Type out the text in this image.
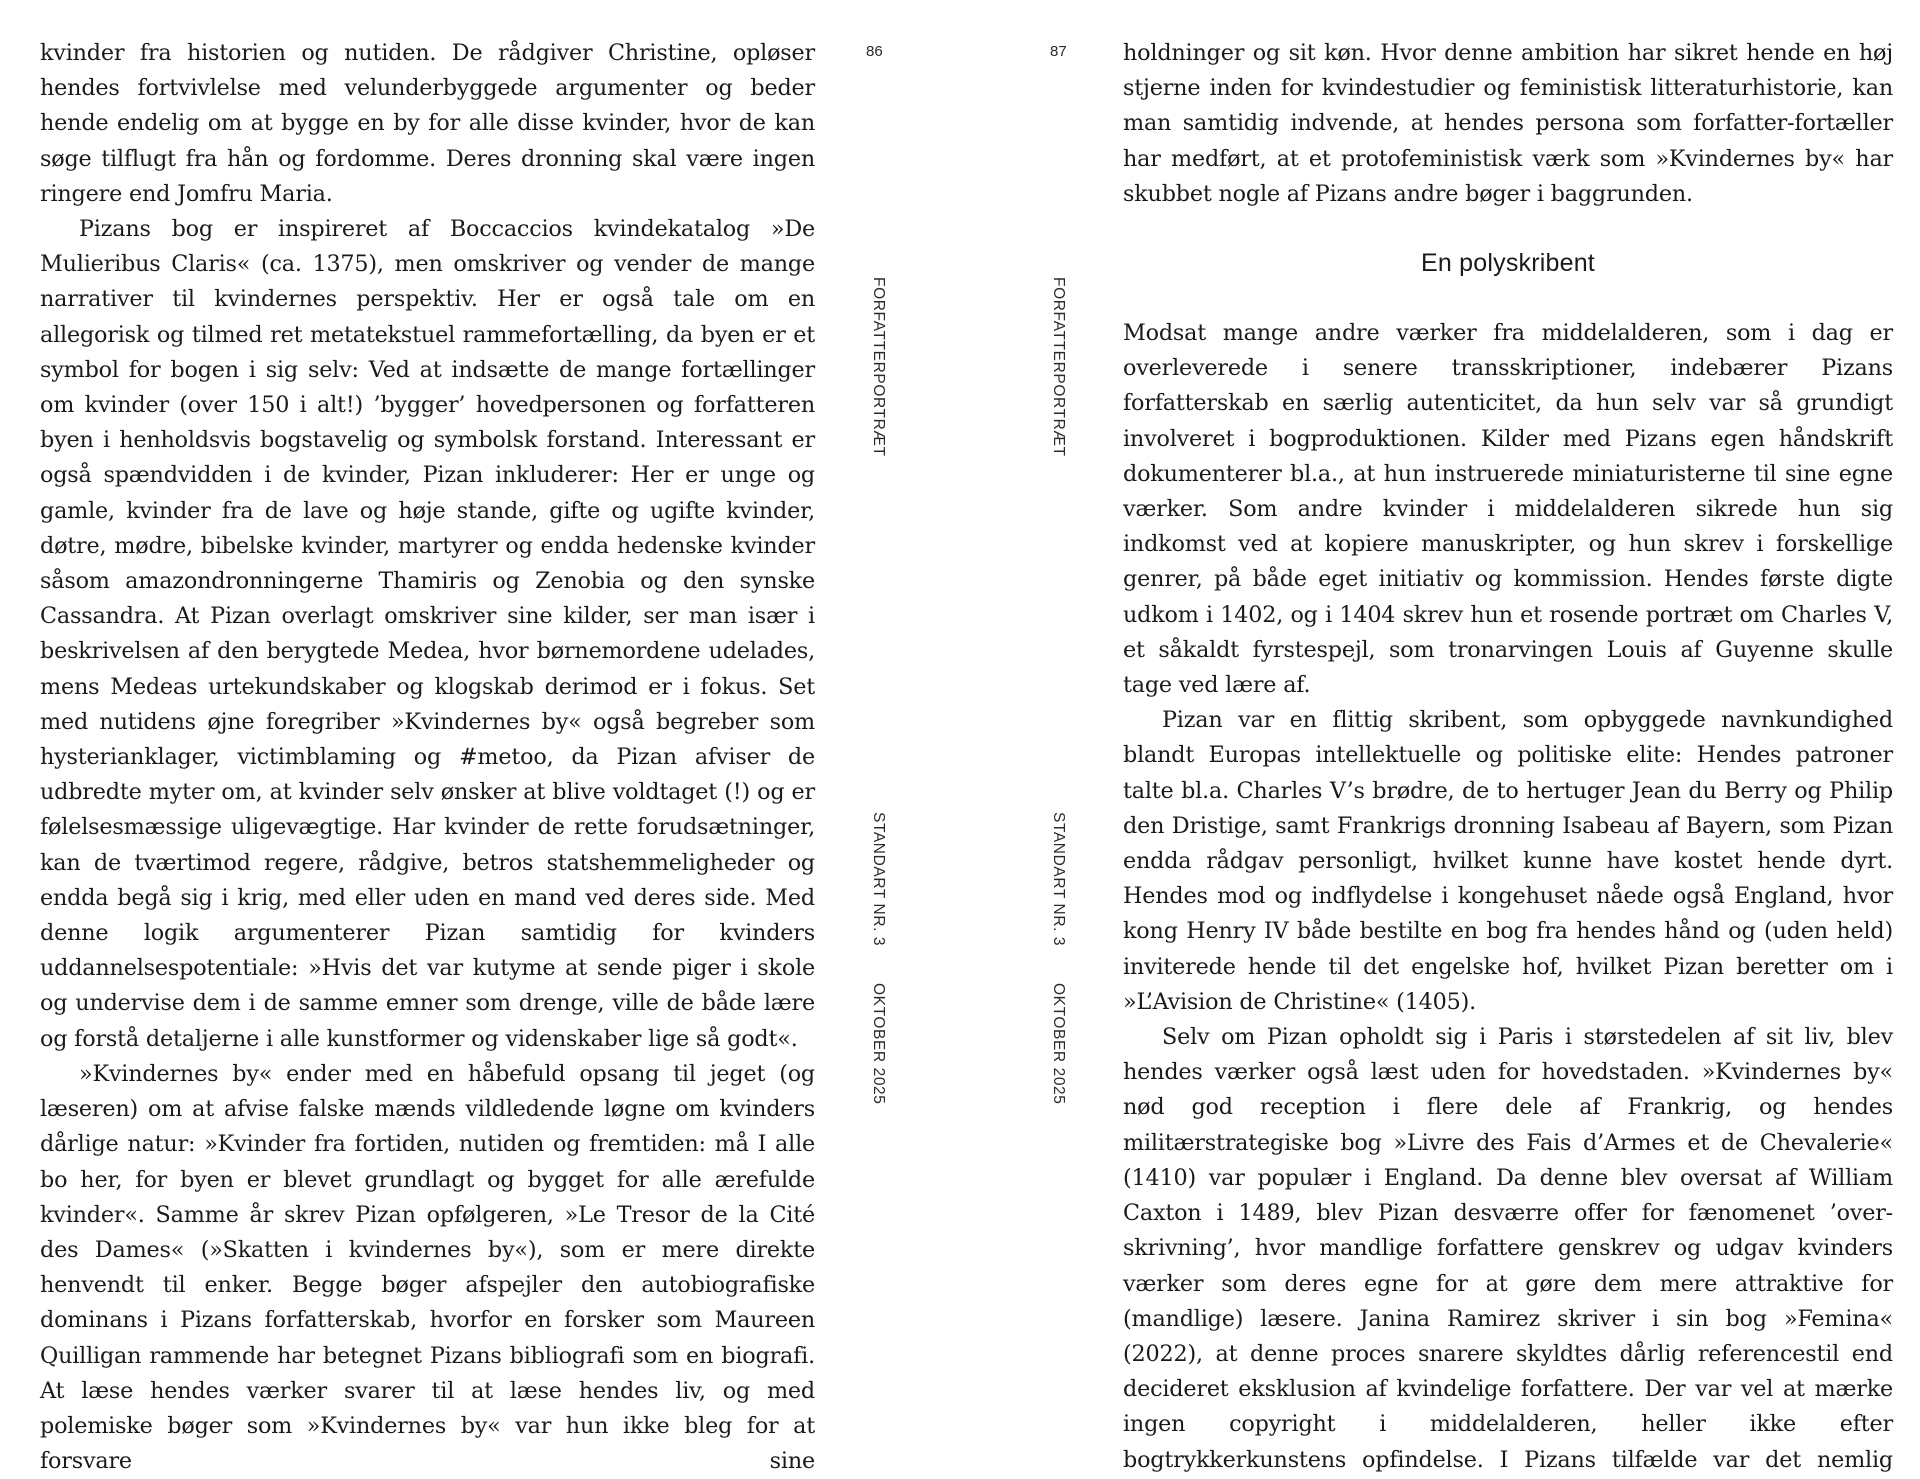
kvinder fra historien og nutiden. De rådgiver Christine, opløser hendes fortvivlelse med velunderbyggede argumenter og beder hende endelig om at bygge en by for alle disse kvinder, hvor de kan søge tilflugt fra hån og fordomme. Deres dronning skal være ingen ringere end Jomfru Maria.

Pizans bog er inspireret af Boccaccios kvindekatalog »De Mulieribus Claris« (ca. 1375), men omskriver og vender de mange narrativer til kvindernes perspektiv. Her er også tale om en allegorisk og tilmed ret metatekstuel rammefortælling, da byen er et symbol for bogen i sig selv: Ved at indsætte de mange fortællinger om kvinder (over 150 i alt!) ’bygger’ hovedpersonen og forfatteren byen i henholdsvis bogstavelig og symbolsk forstand. Interessant er også spændvidden i de kvinder, Pizan inkluderer: Her er unge og gamle, kvinder fra de lave og høje stande, gifte og ugifte kvinder, døtre, mødre, bibelske kvinder, martyrer og endda hedenske kvinder såsom amazondronningerne Thamiris og Zenobia og den synske Cassandra. At Pizan overlagt omskriver sine kilder, ser man især i beskrivelsen af den berygtede Medea, hvor børnemordene udelades, mens Medeas urtekundskaber og klogskab derimod er i fokus. Set med nutidens øjne foregriber »Kvindernes by« også begreber som hysterianklager, victimblaming og #metoo, da Pizan afviser de udbredte myter om, at kvinder selv ønsker at blive voldtaget (!) og er følelsesmæssige uligevægtige. Har kvinder de rette forudsætninger, kan de tværtimod regere, rådgive, betros statshemmeligheder og endda begå sig i krig, med eller uden en mand ved deres side. Med denne logik argumenterer Pizan samtidig for kvinders uddannelsespotentiale: »Hvis det var kutyme at sende piger i skole og undervise dem i de samme emner som drenge, ville de både lære og forstå detaljerne i alle kunstformer og videnskaber lige så godt«.

»Kvindernes by« ender med en håbefuld opsang til jeget (og læseren) om at afvise falske mænds vildledende løgne om kvinders dårlige natur: »Kvinder fra fortiden, nutiden og fremtiden: må I alle bo her, for byen er blevet grundlagt og bygget for alle ærefulde kvinder«. Samme år skrev Pizan opfølgeren, »Le Tresor de la Cité des Dames« (»Skatten i kvindernes by«), som er mere direkte henvendt til enker. Begge bøger afspejler den autobiografiske dominans i Pizans forfatterskab, hvorfor en forsker som Maureen Quilligan rammende har betegnet Pizans bibliografi som en biografi. At læse hendes værker svarer til at læse hendes liv, og med polemiske bøger som »Kvindernes by« var hun ikke bleg for at forsvare sine

86
FORFATTERPORTRÆT
STANDART NR. 3
OKTOBER 2025
87
FORFATTERPORTRÆT
STANDART NR. 3
OKTOBER 2025

holdninger og sit køn. Hvor denne ambition har sikret hende en høj stjerne inden for kvindestudier og feministisk litteraturhistorie, kan man samtidig indvende, at hendes persona som forfatter-fortæller har medført, at et protofeministisk værk som »Kvindernes by« har skubbet nogle af Pizans andre bøger i baggrunden.

En polyskribent

Modsat mange andre værker fra middelalderen, som i dag er overleverede i senere transskriptioner, indebærer Pizans forfatterskab en særlig autenticitet, da hun selv var så grundigt involveret i bogproduktionen. Kilder med Pizans egen håndskrift dokumenterer bl.a., at hun instruerede miniaturisterne til sine egne værker. Som andre kvinder i middelalderen sikrede hun sig indkomst ved at kopiere manuskripter, og hun skrev i forskellige genrer, på både eget initiativ og kommission. Hendes første digte udkom i 1402, og i 1404 skrev hun et rosende portræt om Charles V, et såkaldt fyrstespejl, som tronarvingen Louis af Guyenne skulle tage ved lære af.

Pizan var en flittig skribent, som opbyggede navnkundighed blandt Europas intellektuelle og politiske elite: Hendes patroner talte bl.a. Charles V’s brødre, de to hertuger Jean du Berry og Philip den Dristige, samt Frankrigs dronning Isabeau af Bayern, som Pizan endda rådgav personligt, hvilket kunne have kostet hende dyrt. Hendes mod og indflydelse i kongehuset nåede også England, hvor kong Henry IV både bestilte en bog fra hendes hånd og (uden held) inviterede hende til det engelske hof, hvilket Pizan beretter om i »L’Avision de Christine« (1405).

Selv om Pizan opholdt sig i Paris i størstedelen af sit liv, blev hendes værker også læst uden for hovedstaden. »Kvindernes by« nød god reception i flere dele af Frankrig, og hendes militærstrategiske bog »Livre des Fais d’Armes et de Chevalerie« (1410) var populær i England. Da denne blev oversat af William Caxton i 1489, blev Pizan desværre offer for fænomenet ’over-skrivning’, hvor mandlige forfattere genskrev og udgav kvinders værker som deres egne for at gøre dem mere attraktive for (mandlige) læsere. Janina Ramirez skriver i sin bog »Femina« (2022), at denne proces snarere skyldtes dårlig referencestil end decideret eksklusion af kvindelige forfattere. Der var vel at mærke ingen copyright i middelalderen, heller ikke efter bogtrykkerkunstens opfindelse. I Pizans tilfælde var det nemlig
